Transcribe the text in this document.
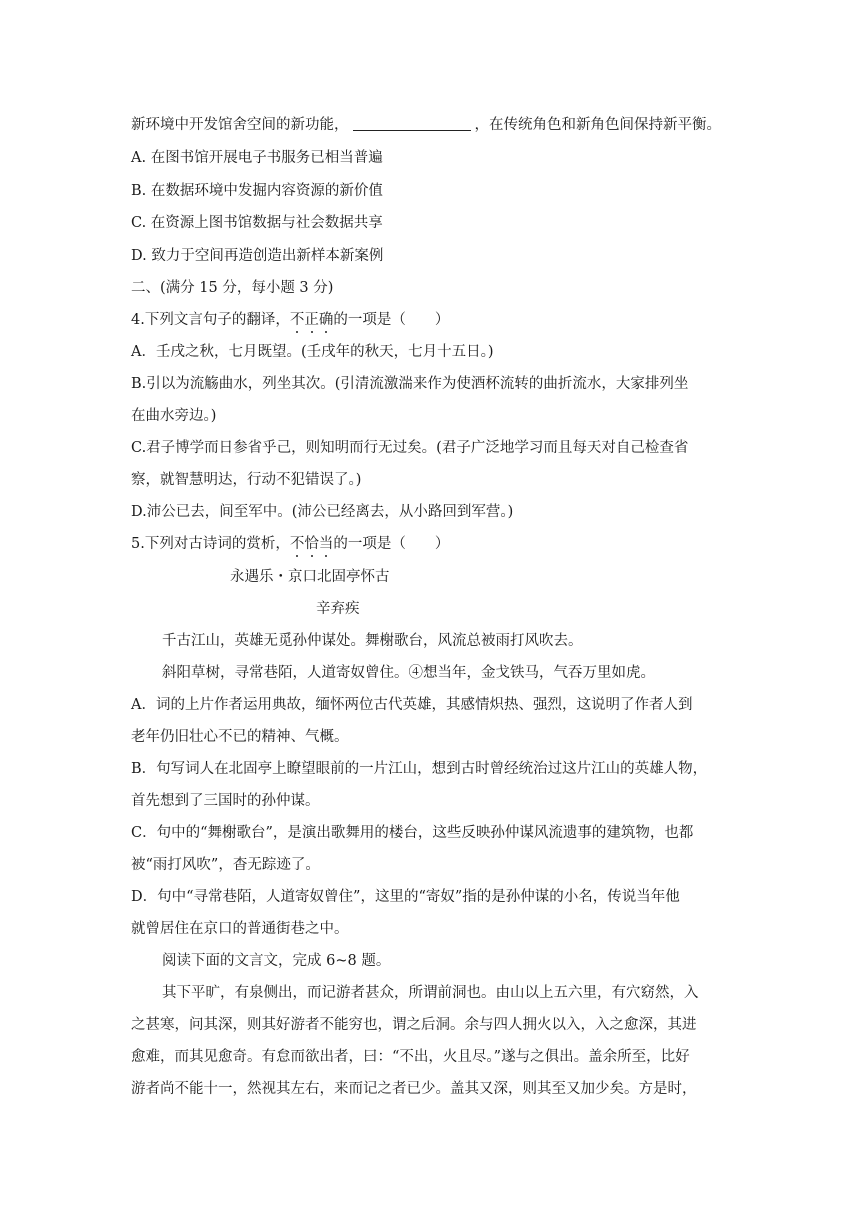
新环境中开发馆舍空间的新功能，	，在传统角色和新角色间保持新平衡。
A. 在图书馆开展电子书服务已相当普遍
B. 在数据环境中发掘内容资源的新价值
C. 在资源上图书馆数据与社会数据共享
D. 致力于空间再造创造出新样本新案例
二、(满分 15 分，每小题 3 分)
4.下列文言句子的翻译，不正确的一项是（　　）
A．壬戌之秋，七月既望。(壬戌年的秋天，七月十五日。)
B.引以为流觞曲水，列坐其次。(引清流激湍来作为使酒杯流转的曲折流水，大家排列坐
在曲水旁边。)
C.君子博学而日参省乎己，则知明而行无过矣。(君子广泛地学习而且每天对自己检查省
察，就智慧明达，行动不犯错误了。)
D.沛公已去，间至军中。(沛公已经离去，从小路回到军营。)
5.下列对古诗词的赏析，不恰当的一项是（　　）
永遇乐・京口北固亭怀古
辛弃疾
千古江山，英雄无觅孙仲谋处。舞榭歌台，风流总被雨打风吹去。
斜阳草树，寻常巷陌，人道寄奴曾住。④想当年，金戈铁马，气吞万里如虎。
A．词的上片作者运用典故，缅怀两位古代英雄，其感情炽热、强烈，这说明了作者人到
老年仍旧壮心不已的精神、气概。
B．句写词人在北固亭上瞭望眼前的一片江山，想到古时曾经统治过这片江山的英雄人物，
首先想到了三国时的孙仲谋。
C．句中的“舞榭歌台”，是演出歌舞用的楼台，这些反映孙仲谋风流遗事的建筑物，也都
被“雨打风吹”，杳无踪迹了。
D．句中“寻常巷陌，人道寄奴曾住”，这里的“寄奴”指的是孙仲谋的小名，传说当年他
就曾居住在京口的普通街巷之中。
阅读下面的文言文，完成 6~8 题。
其下平旷，有泉侧出，而记游者甚众，所谓前洞也。由山以上五六里，有穴窈然，入
之甚寒，问其深，则其好游者不能穷也，谓之后洞。余与四人拥火以入，入之愈深，其进
愈难，而其见愈奇。有怠而欲出者，曰：“不出，火且尽。”遂与之俱出。盖余所至，比好
游者尚不能十一，然视其左右，来而记之者已少。盖其又深，则其至又加少矣。方是时，
